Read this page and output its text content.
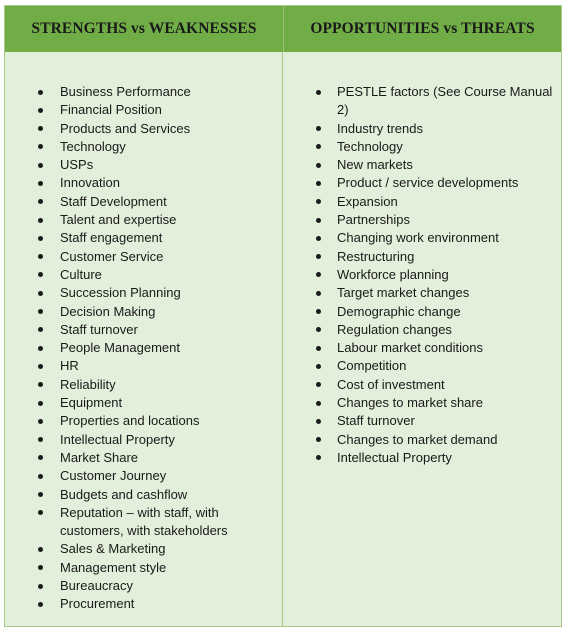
STRENGTHS vs WEAKNESSES	OPPORTUNITIES vs THREATS
Business Performance
Financial Position
Products and Services
Technology
USPs
Innovation
Staff Development
Talent and expertise
Staff engagement
Customer Service
Culture
Succession Planning
Decision Making
Staff turnover
People Management
HR
Reliability
Equipment
Properties and locations
Intellectual Property
Market Share
Customer Journey
Budgets and cashflow
Reputation – with staff, with customers, with stakeholders
Sales & Marketing
Management style
Bureaucracy
Procurement
PESTLE factors (See Course Manual 2)
Industry trends
Technology
New markets
Product / service developments
Expansion
Partnerships
Changing work environment
Restructuring
Workforce planning
Target market changes
Demographic change
Regulation changes
Labour market conditions
Competition
Cost of investment
Changes to market share
Staff turnover
Changes to market demand
Intellectual Property
